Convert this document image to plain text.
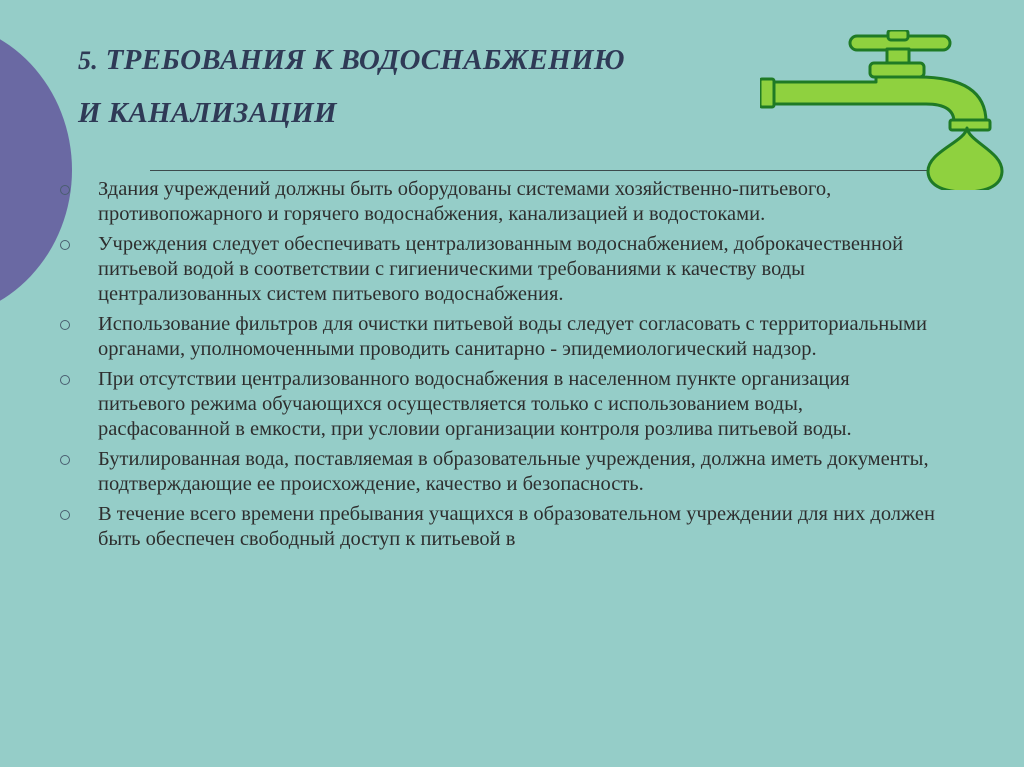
5. ТРЕБОВАНИЯ К ВОДОСНАБЖЕНИЮ
И КАНАЛИЗАЦИИ
Здания учреждений должны быть оборудованы системами хозяйственно-питьевого, противопожарного и горячего водоснабжения, канализацией и водостоками.
Учреждения следует обеспечивать централизованным водоснабжением, доброкачественной питьевой водой в соответствии с гигиеническими требованиями к качеству воды централизованных систем питьевого водоснабжения.
Использование фильтров для очистки питьевой воды следует согласовать с территориальными органами, уполномоченными проводить санитарно - эпидемиологический надзор.
При отсутствии централизованного водоснабжения в населенном пункте организация питьевого режима обучающихся осуществляется только с использованием воды, расфасованной в емкости, при условии организации контроля розлива питьевой воды.
Бутилированная вода, поставляемая в образовательные учреждения, должна иметь документы, подтверждающие ее происхождение, качество и безопасность.
В течение всего времени пребывания учащихся в образовательном учреждении для них должен быть обеспечен свободный доступ к питьевой в
